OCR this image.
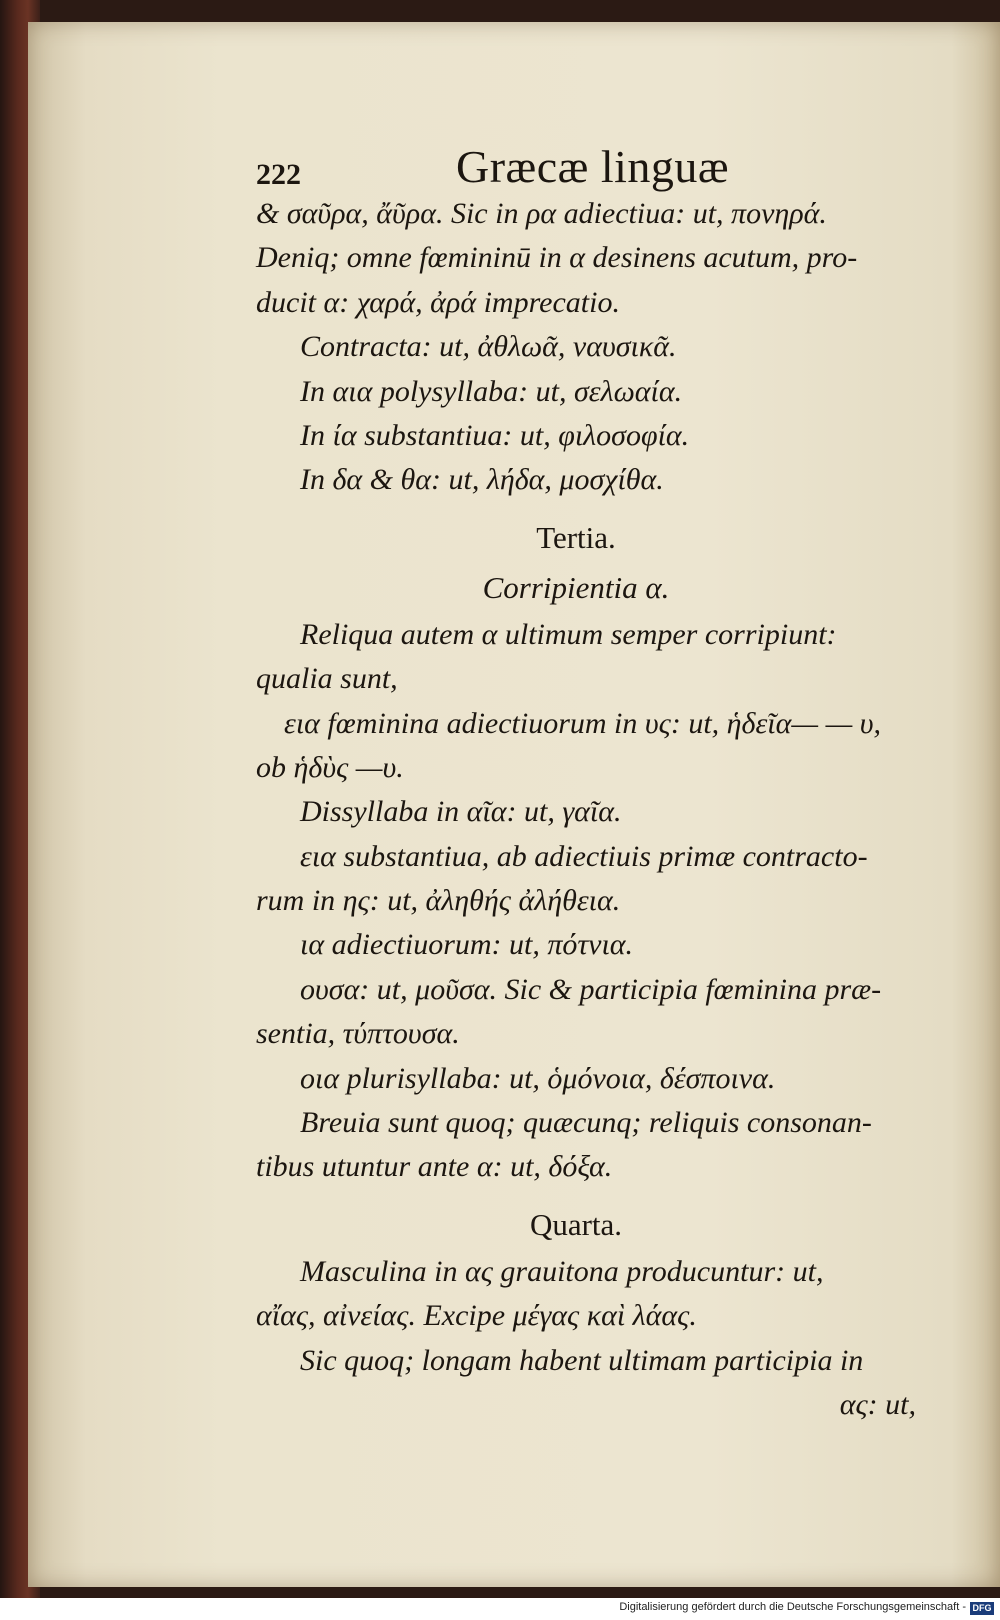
222	Græcæ linguæ
& σαῦρα, ἄῦρα. Sic in ρα adiectiua: ut, πονηρά.
Deniq; omne fœmininū in α desinens acutum, pro-
ducit α: χαρά, ἀρά imprecatio.
Contracta: ut, ἀθλωᾶ, ναυσικᾶ.
In αια polysyllaba: ut, σελωαία.
In ία substantiua: ut, φιλοσοφία.
In δα & θα: ut, λήδα, μοσχίθα.
Tertia.
Corripientia α.
Reliqua autem α ultimum semper corripiunt:
qualia sunt,
εια fœminina adiectiuorum in υς: ut, ἡδεῖα— — υ,
ob ἡδὺς —υ.
Dissyllaba in αῖα: ut, γαῖα.
εια substantiua, ab adiectiuis primæ contracto-
rum in ης: ut, ἀληθής ἀλήθεια.
ια adiectiuorum: ut, πότνια.
ουσα: ut, μοῦσα. Sic & participia fœminina præ-
sentia, τύπτουσα.
οια plurisyllaba: ut, ὁμόνοια, δέσποινα.
Breuia sunt quoq; quæcunq; reliquis consonan-
tibus utuntur ante α: ut, δόξα.
Quarta.
Masculina in ας grauitona producuntur: ut,
αἴας, αἰνείας. Excipe μέγας καὶ λάας.
Sic quoq; longam habent ultimam participia in
ας: ut,
Digitalisierung gefördert durch die Deutsche Forschungsgemeinschaft - DFG
